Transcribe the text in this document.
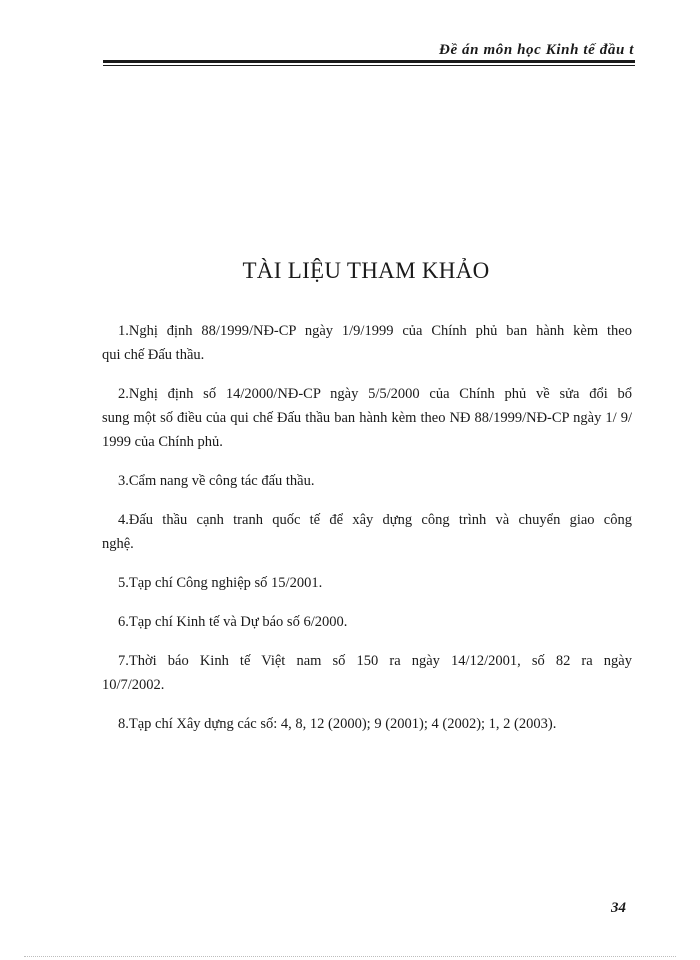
Đề án môn học Kinh tế đầu t
TÀI LIỆU THAM KHẢO
1.Nghị định 88/1999/NĐ-CP ngày 1/9/1999 của Chính phủ ban hành kèm theo
qui chế Đấu thầu.
2.Nghị định số 14/2000/NĐ-CP ngày 5/5/2000 của Chính phủ về sửa đổi bổ
sung một số điều của qui chế Đấu thầu ban hành kèm theo NĐ 88/1999/NĐ-CP ngày 1/ 9/ 1999 của Chính phủ.
3.Cẩm nang về công tác đấu thầu.
4.Đấu thầu cạnh tranh quốc tế để xây dựng công trình và chuyển giao công
nghệ.
5.Tạp chí Công nghiệp số 15/2001.
6.Tạp chí Kinh tế và Dự báo số 6/2000.
7.Thời báo Kinh tế Việt nam số 150 ra ngày 14/12/2001, số 82 ra ngày
10/7/2002.
8.Tạp chí Xây dựng các số: 4, 8, 12 (2000); 9 (2001); 4 (2002); 1, 2 (2003).
34
